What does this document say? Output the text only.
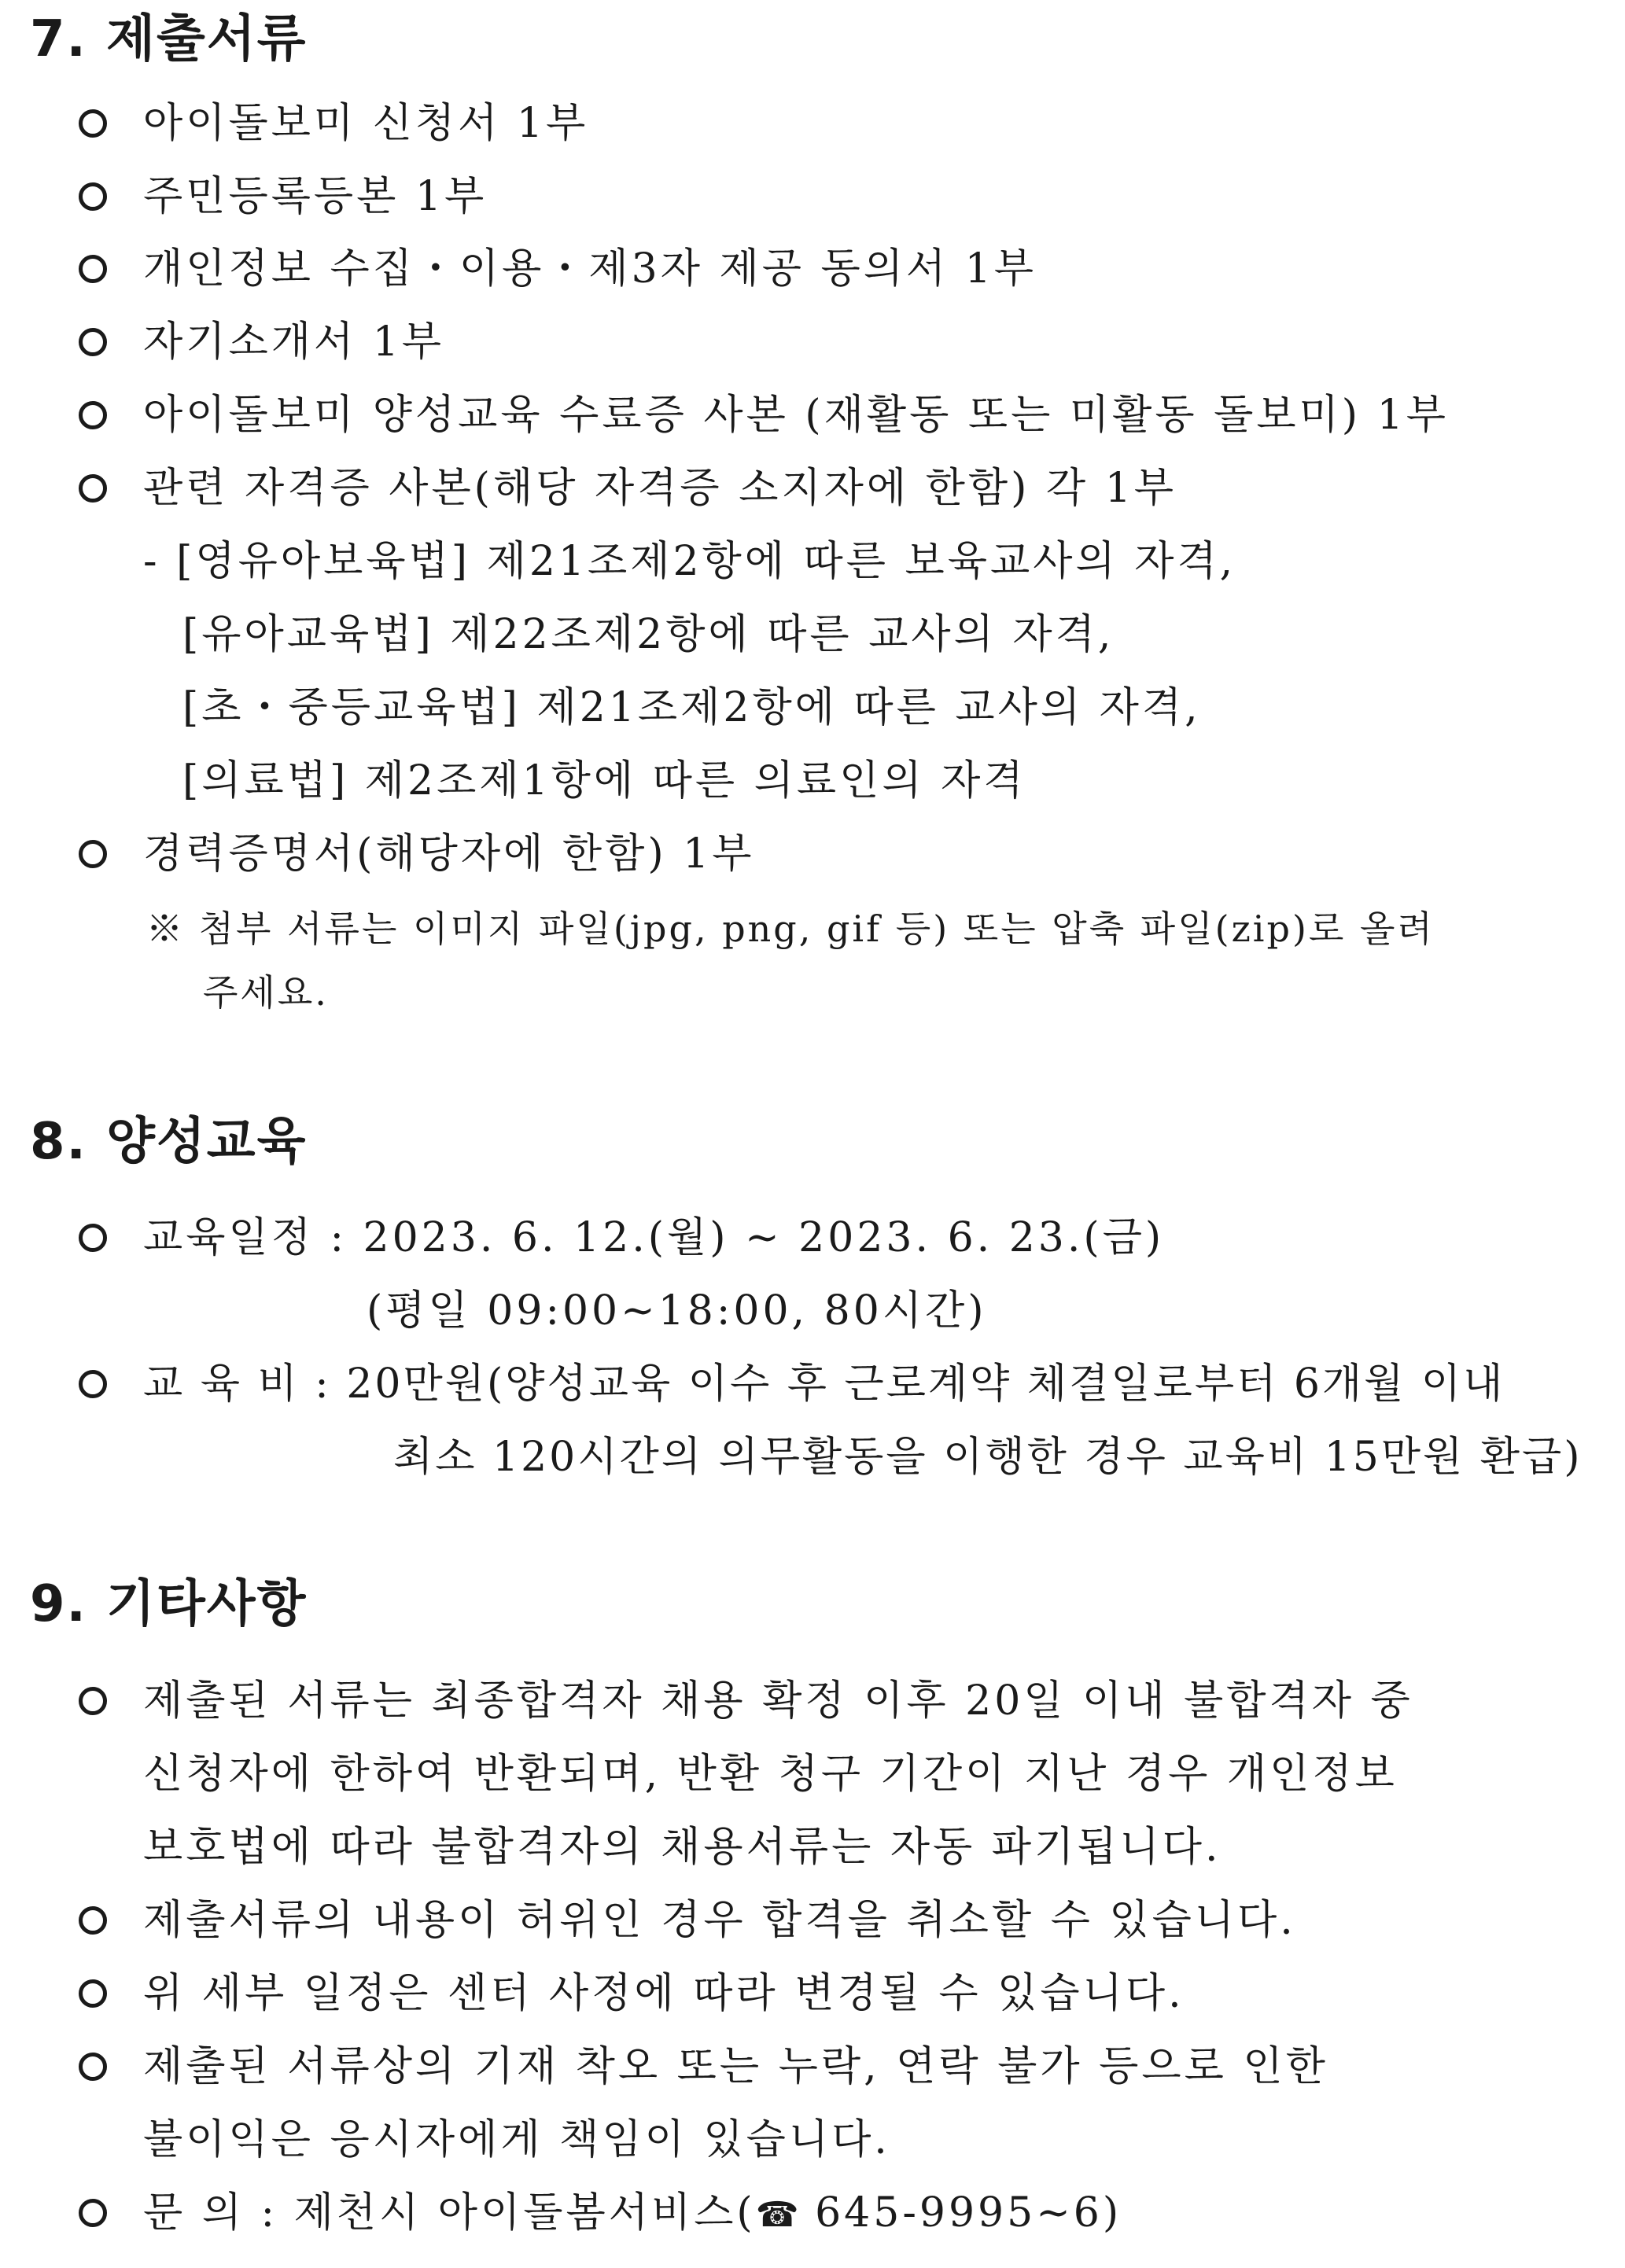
7. 제출서류
아이돌보미 신청서 1부
주민등록등본 1부
개인정보 수집・이용・제3자 제공 동의서 1부
자기소개서 1부
아이돌보미 양성교육 수료증 사본 (재활동 또는 미활동 돌보미) 1부
관련 자격증 사본(해당 자격증 소지자에 한함) 각 1부
- [영유아보육법] 제21조제2항에 따른 보육교사의 자격,
[유아교육법] 제22조제2항에 따른 교사의 자격,
[초・중등교육법] 제21조제2항에 따른 교사의 자격,
[의료법] 제2조제1항에 따른 의료인의 자격
경력증명서(해당자에 한함) 1부
※ 첨부 서류는 이미지 파일(jpg, png, gif 등) 또는 압축 파일(zip)로 올려
주세요.
8. 양성교육
교육일정 : 2023. 6. 12.(월) ~ 2023. 6. 23.(금)
(평일 09:00~18:00, 80시간)
교 육 비 : 20만원(양성교육 이수 후 근로계약 체결일로부터 6개월 이내
최소 120시간의 의무활동을 이행한 경우 교육비 15만원 환급)
9. 기타사항
제출된 서류는 최종합격자 채용 확정 이후 20일 이내 불합격자 중
신청자에 한하여 반환되며, 반환 청구 기간이 지난 경우 개인정보
보호법에 따라 불합격자의 채용서류는 자동 파기됩니다.
제출서류의 내용이 허위인 경우 합격을 취소할 수 있습니다.
위 세부 일정은 센터 사정에 따라 변경될 수 있습니다.
제출된 서류상의 기재 착오 또는 누락, 연락 불가 등으로 인한
불이익은 응시자에게 책임이 있습니다.
문 의 : 제천시 아이돌봄서비스(☎ 645-9995~6)
